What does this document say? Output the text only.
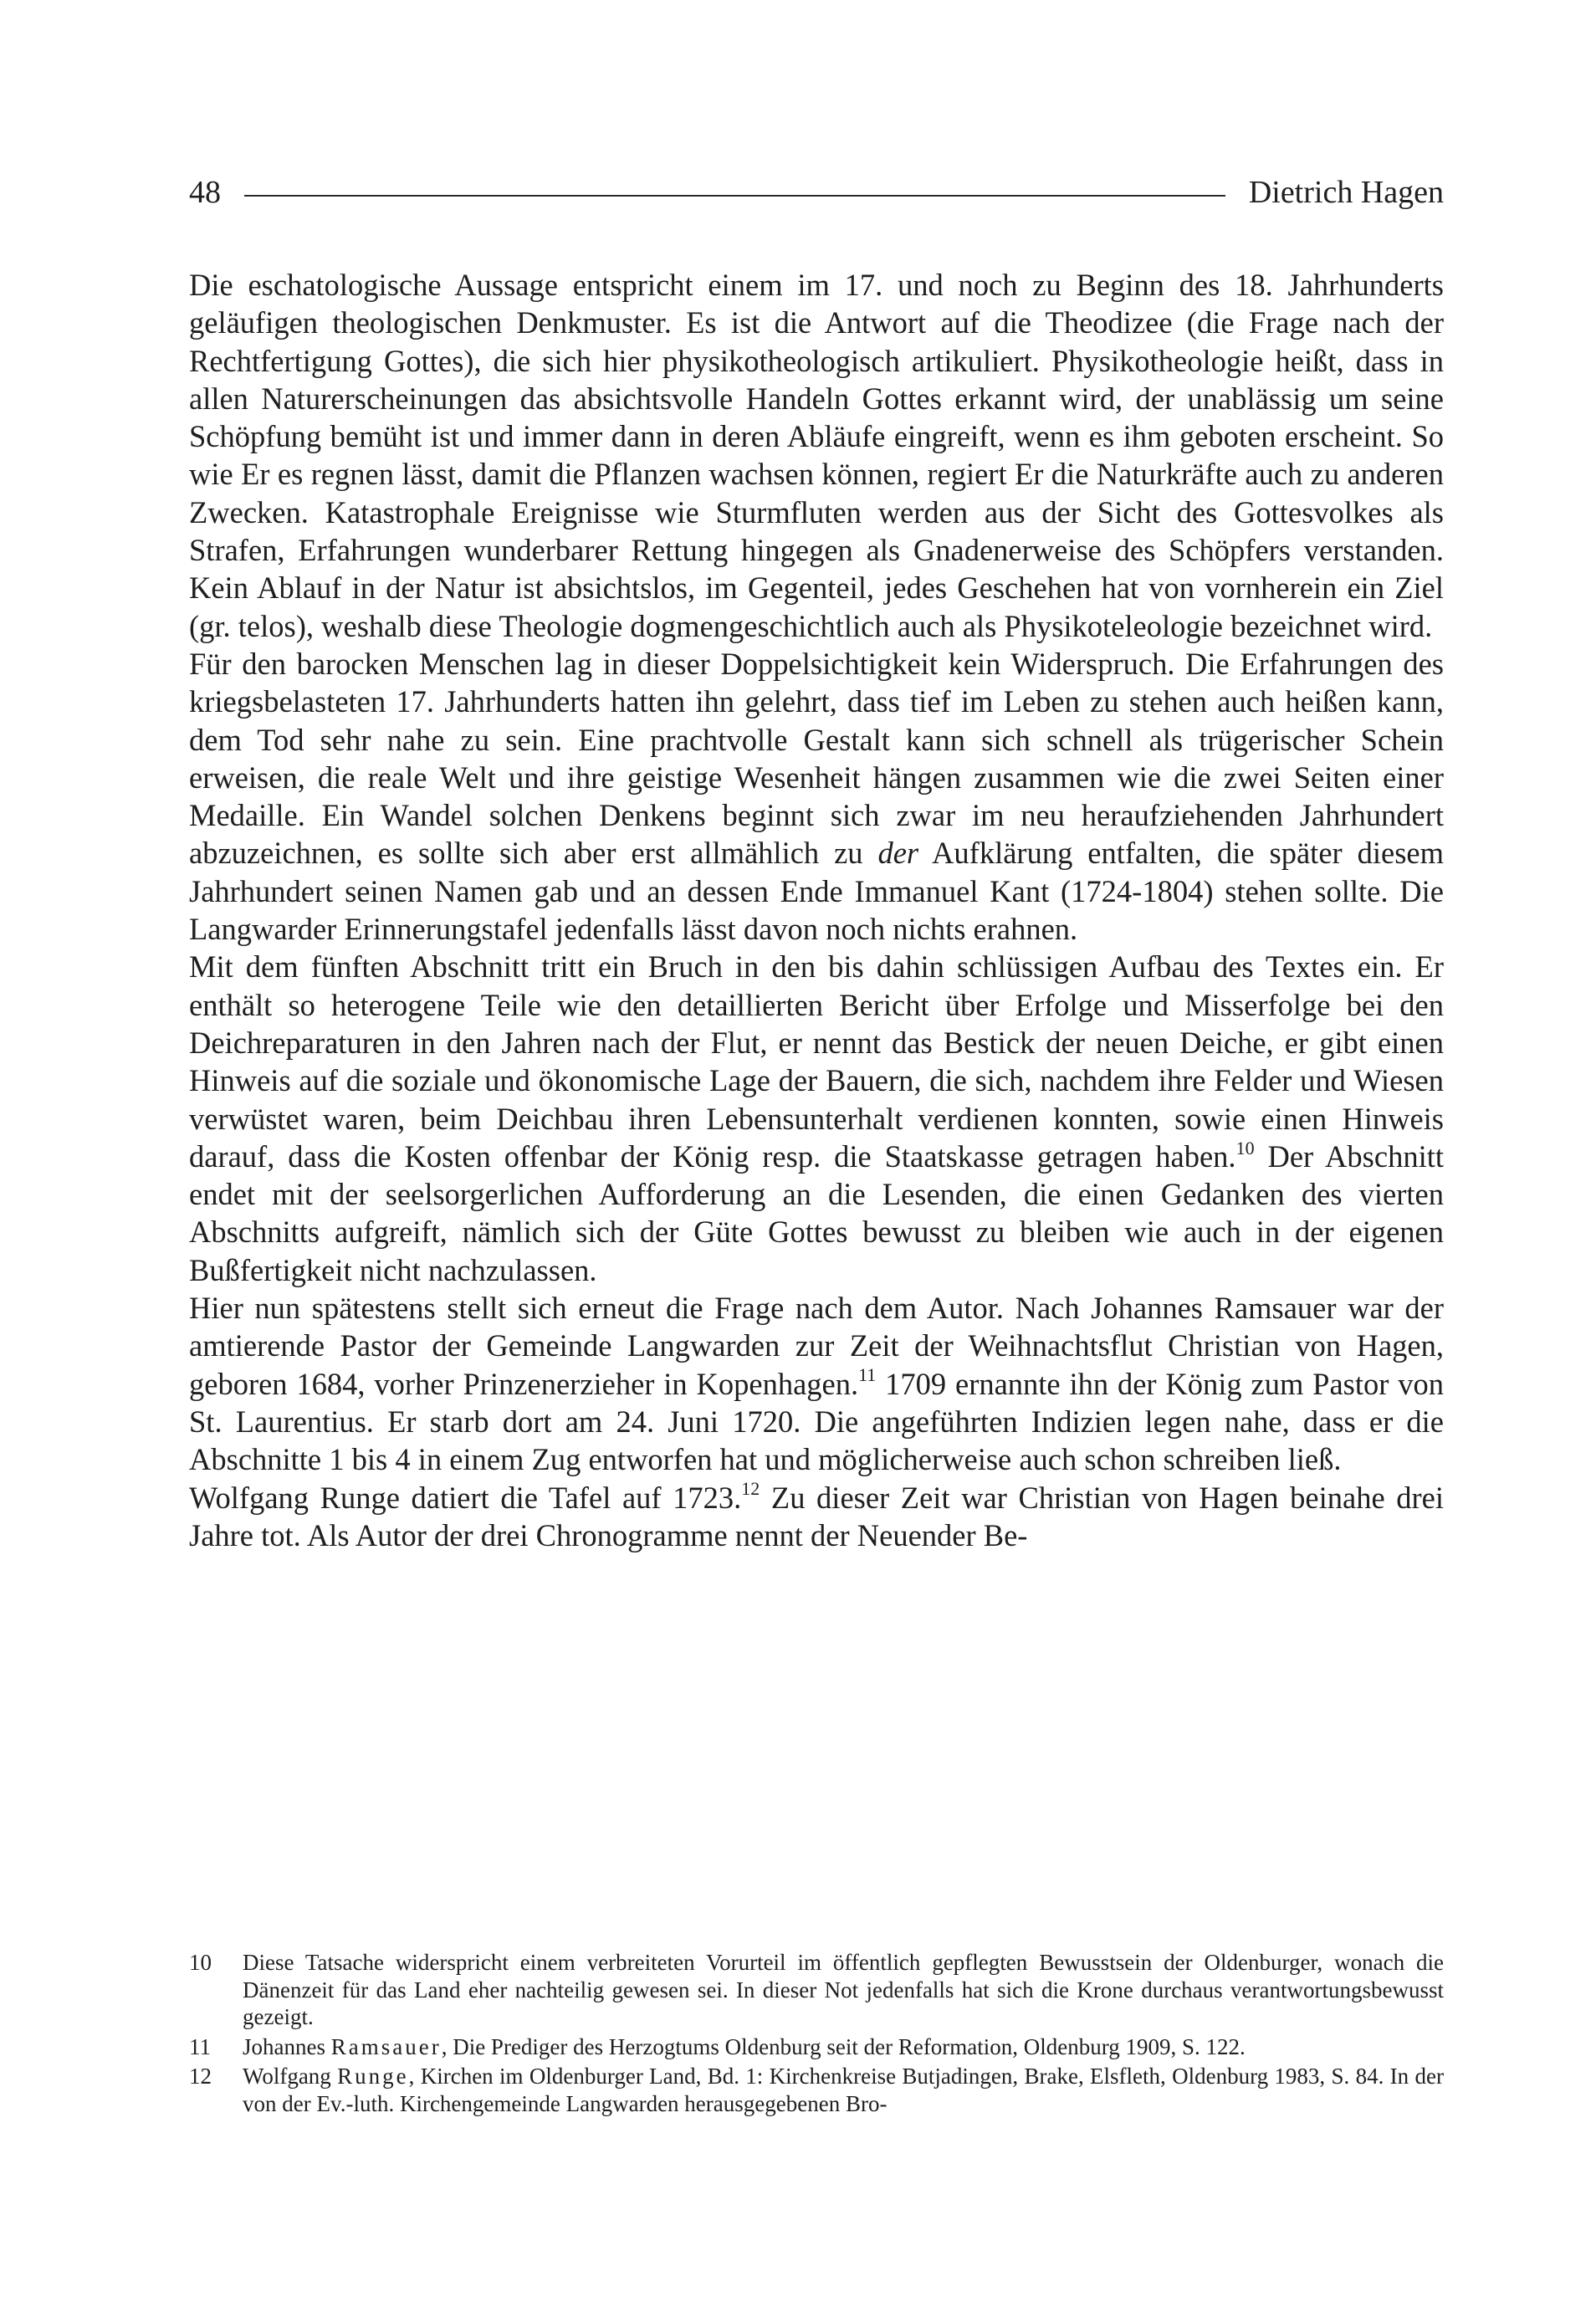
48	Dietrich Hagen

Die eschatologische Aussage entspricht einem im 17. und noch zu Beginn des 18. Jahrhunderts geläufigen theologischen Denkmuster. Es ist die Antwort auf die Theodizee (die Frage nach der Rechtfertigung Gottes), die sich hier physikotheologisch artikuliert. Physikotheologie heißt, dass in allen Naturerscheinungen das absichtsvolle Handeln Gottes erkannt wird, der unablässig um seine Schöpfung bemüht ist und immer dann in deren Abläufe eingreift, wenn es ihm geboten erscheint. So wie Er es regnen lässt, damit die Pflanzen wachsen können, regiert Er die Naturkräfte auch zu anderen Zwecken. Katastrophale Ereignisse wie Sturmfluten werden aus der Sicht des Gottesvolkes als Strafen, Erfahrungen wunderbarer Rettung hingegen als Gnadenerweise des Schöpfers verstanden. Kein Ablauf in der Natur ist absichtslos, im Gegenteil, jedes Geschehen hat von vornherein ein Ziel (gr. telos), weshalb diese Theologie dogmengeschichtlich auch als Physikoteleologie bezeichnet wird.

Für den barocken Menschen lag in dieser Doppelsichtigkeit kein Widerspruch. Die Erfahrungen des kriegsbelasteten 17. Jahrhunderts hatten ihn gelehrt, dass tief im Leben zu stehen auch heißen kann, dem Tod sehr nahe zu sein. Eine prachtvolle Gestalt kann sich schnell als trügerischer Schein erweisen, die reale Welt und ihre geistige Wesenheit hängen zusammen wie die zwei Seiten einer Medaille. Ein Wandel solchen Denkens beginnt sich zwar im neu heraufziehenden Jahrhundert abzuzeichnen, es sollte sich aber erst allmählich zu der Aufklärung entfalten, die später diesem Jahrhundert seinen Namen gab und an dessen Ende Immanuel Kant (1724-1804) stehen sollte. Die Langwarder Erinnerungstafel jedenfalls lässt davon noch nichts erahnen.

Mit dem fünften Abschnitt tritt ein Bruch in den bis dahin schlüssigen Aufbau des Textes ein. Er enthält so heterogene Teile wie den detaillierten Bericht über Erfolge und Misserfolge bei den Deichreparaturen in den Jahren nach der Flut, er nennt das Bestick der neuen Deiche, er gibt einen Hinweis auf die soziale und ökonomische Lage der Bauern, die sich, nachdem ihre Felder und Wiesen verwüstet waren, beim Deichbau ihren Lebensunterhalt verdienen konnten, sowie einen Hinweis darauf, dass die Kosten offenbar der König resp. die Staatskasse getragen haben.$^{10}$ Der Abschnitt endet mit der seelsorgerlichen Aufforderung an die Lesenden, die einen Gedanken des vierten Abschnitts aufgreift, nämlich sich der Güte Gottes bewusst zu bleiben wie auch in der eigenen Bußfertigkeit nicht nachzulassen.

Hier nun spätestens stellt sich erneut die Frage nach dem Autor. Nach Johannes Ramsauer war der amtierende Pastor der Gemeinde Langwarden zur Zeit der Weihnachtsflut Christian von Hagen, geboren 1684, vorher Prinzenerzieher in Kopenhagen.$^{11}$ 1709 ernannte ihn der König zum Pastor von St. Laurentius. Er starb dort am 24. Juni 1720. Die angeführten Indizien legen nahe, dass er die Abschnitte 1 bis 4 in einem Zug entworfen hat und möglicherweise auch schon schreiben ließ.

Wolfgang Runge datiert die Tafel auf 1723.12 Zu dieser Zeit war Christian von Hagen beinahe drei Jahre tot. Als Autor der drei Chronogramme nennt der Neuender Be-

10	Diese Tatsache widerspricht einem verbreiteten Vorurteil im öffentlich gepflegten Bewusstsein der Oldenburger, wonach die Dänenzeit für das Land eher nachteilig gewesen sei. In dieser Not jedenfalls hat sich die Krone durchaus verantwortungsbewusst gezeigt.
11	Johannes Ramsauer, Die Prediger des Herzogtums Oldenburg seit der Reformation, Oldenburg 1909, S. 122.
12	Wolfgang Runge, Kirchen im Oldenburger Land, Bd. 1: Kirchenkreise Butjadingen, Brake, Elsfleth, Oldenburg 1983, S. 84. In der von der Ev.-luth. Kirchengemeinde Langwarden herausgegebenen Bro-
